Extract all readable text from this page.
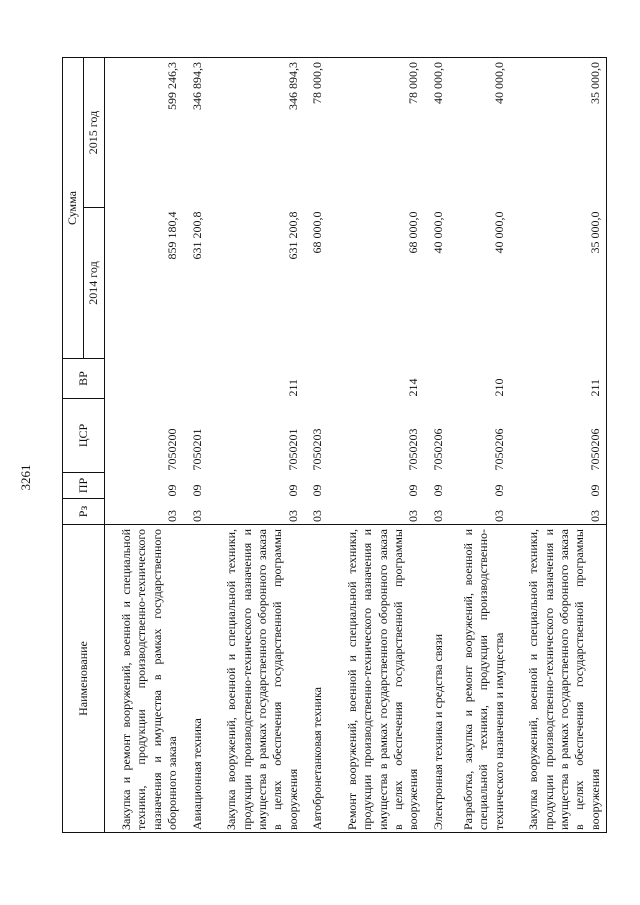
3261
Наименование	Рз	ПР	ЦСР	ВР	Сумма	
					2014 год	2015 год
Закупка и ремонт вооружений, военной и специальной техники, продукции производственно-технического назначения и имущества в рамках государственного оборонного заказа	03	09	7050200		859 180,4	599 246,3
Авиационная техника	03	09	7050201		631 200,8	346 894,3
Закупка вооружений, военной и специальной техники, продукции производственно-технического назначения и имущества в рамках государственного оборонного заказа в целях обеспечения государственной программы вооружения	03	09	7050201	211	631 200,8	346 894,3
Автобронетанковая техника	03	09	7050203		68 000,0	78 000,0
Ремонт вооружений, военной и специальной техники, продукции производственно-технического назначения и имущества в рамках государственного оборонного заказа в целях обеспечения государственной программы вооружения	03	09	7050203	214	68 000,0	78 000,0
Электронная техника и средства связи	03	09	7050206		40 000,0	40 000,0
Разработка, закупка и ремонт вооружений, военной и специальной техники, продукции производственно-технического назначения и имущества	03	09	7050206	210	40 000,0	40 000,0
Закупка вооружений, военной и специальной техники, продукции производственно-технического назначения и имущества в рамках государственного оборонного заказа в целях обеспечения государственной программы вооружения	03	09	7050206	211	35 000,0	35 000,0
